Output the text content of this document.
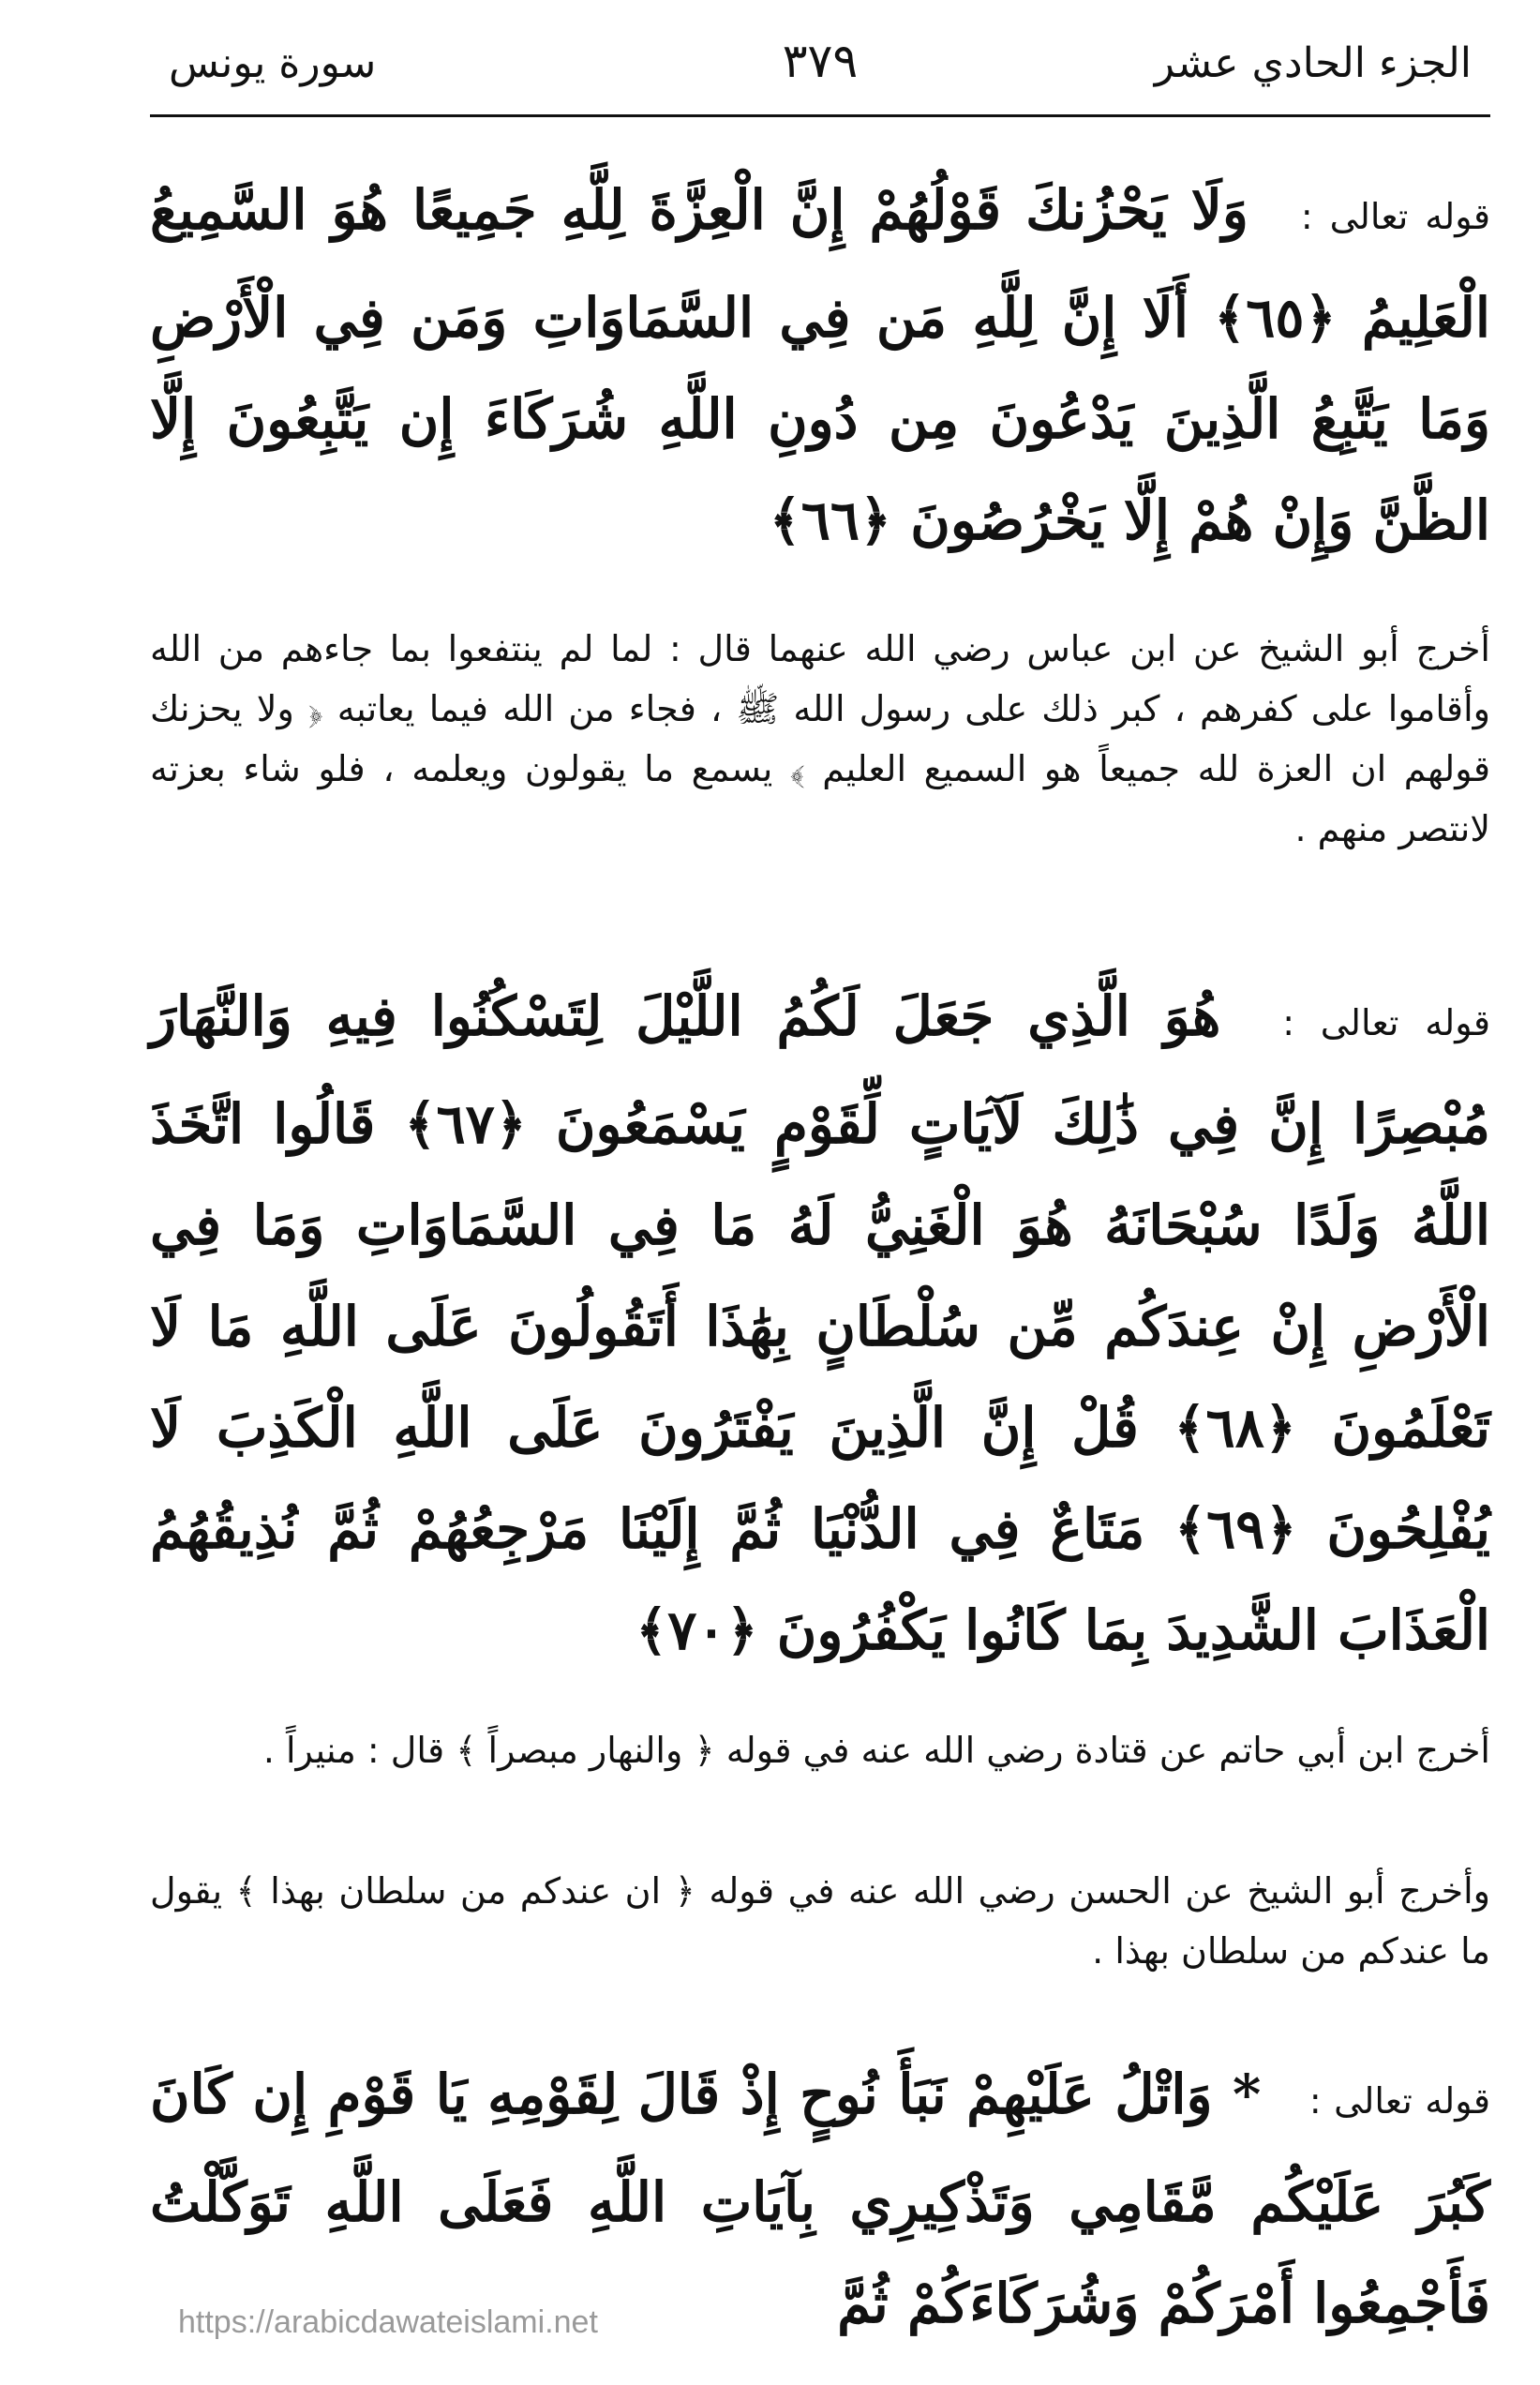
الجزء الحادي عشر
٣٧٩
سورة يونس
قوله تعالى : وَلَا يَحْزُنكَ قَوْلُهُمْ إِنَّ الْعِزَّةَ لِلَّهِ جَمِيعًا هُوَ السَّمِيعُ الْعَلِيمُ ﴿٦٥﴾ أَلَا إِنَّ لِلَّهِ مَن فِي السَّمَاوَاتِ وَمَن فِي الْأَرْضِ وَمَا يَتَّبِعُ الَّذِينَ يَدْعُونَ مِن دُونِ اللَّهِ شُرَكَاءَ إِن يَتَّبِعُونَ إِلَّا الظَّنَّ وَإِنْ هُمْ إِلَّا يَخْرُصُونَ ﴿٦٦﴾
أخرج أبو الشيخ عن ابن عباس رضي الله عنهما قال : لما لم ينتفعوا بما جاءهم من الله وأقاموا على كفرهم ، كبر ذلك على رسول الله ﷺ ، فجاء من الله فيما يعاتبه ﴿ ولا يحزنك قولهم ان العزة لله جميعاً هو السميع العليم ﴾ يسمع ما يقولون ويعلمه ، فلو شاء بعزته لانتصر منهم .
قوله تعالى : هُوَ الَّذِي جَعَلَ لَكُمُ اللَّيْلَ لِتَسْكُنُوا فِيهِ وَالنَّهَارَ مُبْصِرًا إِنَّ فِي ذَٰلِكَ لَآيَاتٍ لِّقَوْمٍ يَسْمَعُونَ ﴿٦٧﴾ قَالُوا اتَّخَذَ اللَّهُ وَلَدًا سُبْحَانَهُ هُوَ الْغَنِيُّ لَهُ مَا فِي السَّمَاوَاتِ وَمَا فِي الْأَرْضِ إِنْ عِندَكُم مِّن سُلْطَانٍ بِهَٰذَا أَتَقُولُونَ عَلَى اللَّهِ مَا لَا تَعْلَمُونَ ﴿٦٨﴾ قُلْ إِنَّ الَّذِينَ يَفْتَرُونَ عَلَى اللَّهِ الْكَذِبَ لَا يُفْلِحُونَ ﴿٦٩﴾ مَتَاعٌ فِي الدُّنْيَا ثُمَّ إِلَيْنَا مَرْجِعُهُمْ ثُمَّ نُذِيقُهُمُ الْعَذَابَ الشَّدِيدَ بِمَا كَانُوا يَكْفُرُونَ ﴿٧٠﴾
أخرج ابن أبي حاتم عن قتادة رضي الله عنه في قوله ﴿ والنهار مبصراً ﴾ قال : منيراً .
وأخرج أبو الشيخ عن الحسن رضي الله عنه في قوله ﴿ ان عندكم من سلطان بهذا ﴾ يقول ما عندكم من سلطان بهذا .
قوله تعالى : * وَاتْلُ عَلَيْهِمْ نَبَأَ نُوحٍ إِذْ قَالَ لِقَوْمِهِ يَا قَوْمِ إِن كَانَ كَبُرَ عَلَيْكُم مَّقَامِي وَتَذْكِيرِي بِآيَاتِ اللَّهِ فَعَلَى اللَّهِ تَوَكَّلْتُ فَأَجْمِعُوا أَمْرَكُمْ وَشُرَكَاءَكُمْ ثُمَّ
https://arabicdawateislami.net
